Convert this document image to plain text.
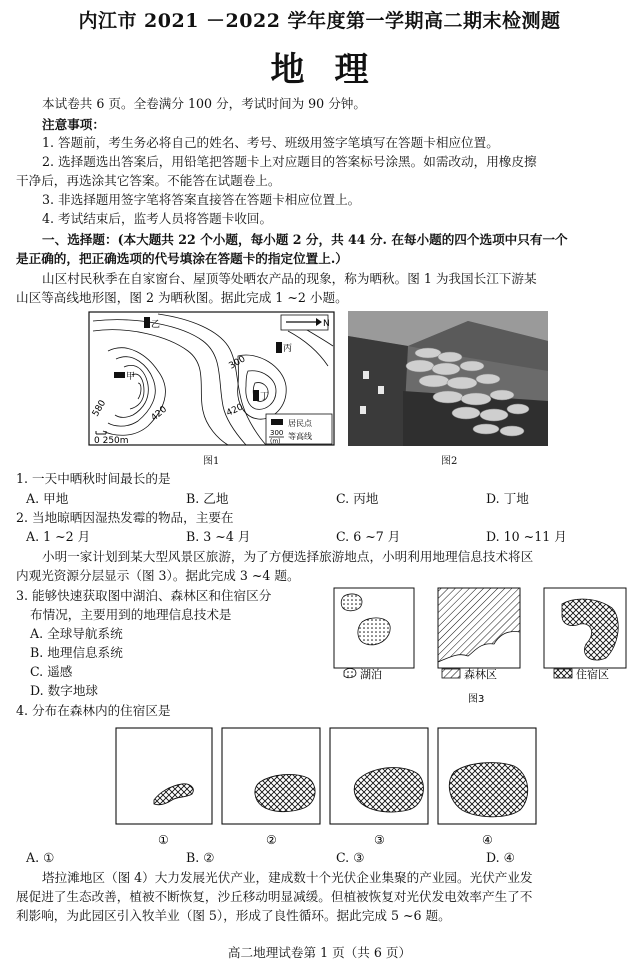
内江市 2021 －2022 学年度第一学期高二期末检测题
地理
本试卷共 6 页。全卷满分 100 分，考试时间为 90 分钟。
注意事项：
1. 答题前，考生务必将自己的姓名、考号、班级用签字笔填写在答题卡相应位置。
2. 选择题选出答案后，用铅笔把答题卡上对应题目的答案标号涂黑。如需改动，用橡皮擦
干净后，再选涂其它答案。不能答在试题卷上。
3. 非选择题用签字笔将答案直接答在答题卡相应位置上。
4. 考试结束后，监考人员将答题卡收回。
一、选择题：(本大题共 22 个小题，每小题 2 分，共 44 分. 在每小题的四个选项中只有一个
是正确的，把正确选项的代号填涂在答题卡的指定位置上.）
山区村民秋季在自家窗台、屋顶等处晒农产品的现象，称为晒秋。图 1 为我国长江下游某
山区等高线地形图，图 2 为晒秋图。据此完成 1 ~2 小题。
乙
丙
甲
丁
300
420
580	420
N
0 250m
居民点
300
(m)
等高线
图1	图2
1. 一天中晒秋时间最长的是
A. 甲地	B. 乙地	C. 丙地	D. 丁地
2. 当地晾晒因湿热发霉的物品，主要在
A. 1 ~2 月	B. 3 ~4 月	C. 6 ~7 月	D. 10 ~11 月
小明一家计划到某大型风景区旅游，为了方便选择旅游地点，小明利用地理信息技术将区
内观光资源分层显示（图 3）。据此完成 3 ~4 题。
3. 能够快速获取图中湖泊、森林区和住宿区分
布情况，主要用到的地理信息技术是
A. 全球导航系统
B. 地理信息系统
C. 遥感
D. 数字地球
湖泊	森林区	住宿区
图3
4. 分布在森林内的住宿区是
①	②	③	④
A. ①	B. ②	C. ③	D. ④
塔拉滩地区（图 4）大力发展光伏产业，建成数十个光伏企业集聚的产业园。光伏产业发
展促进了生态改善，植被不断恢复，沙丘移动明显减缓。但植被恢复对光伏发电效率产生了不
利影响，为此园区引入牧羊业（图 5），形成了良性循环。据此完成 5 ~6 题。
高二地理试卷第 1 页（共 6 页）
